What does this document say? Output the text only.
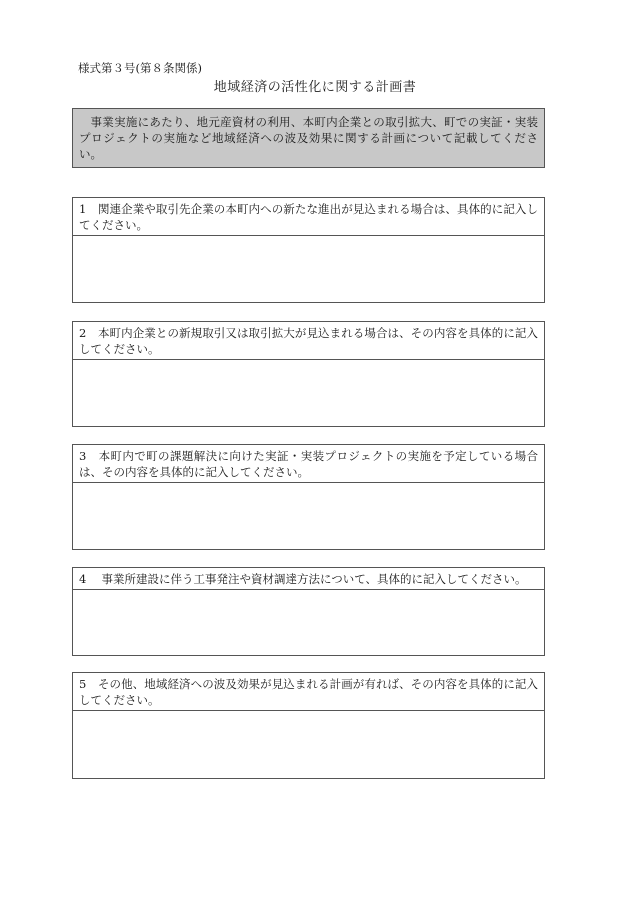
様式第３号(第８条関係)
地域経済の活性化に関する計画書
事業実施にあたり、地元産資材の利用、本町内企業との取引拡大、町での実証・実装プロジェクトの実施など地域経済への波及効果に関する計画について記載してください。
1　関連企業や取引先企業の本町内への新たな進出が見込まれる場合は、具体的に記入してください。
2　本町内企業との新規取引又は取引拡大が見込まれる場合は、その内容を具体的に記入してください。
3　本町内で町の課題解決に向けた実証・実装プロジェクトの実施を予定している場合は、その内容を具体的に記入してください。
4　 事業所建設に伴う工事発注や資材調達方法について、具体的に記入してください。
5　その他、地域経済への波及効果が見込まれる計画が有れば、その内容を具体的に記入してください。
